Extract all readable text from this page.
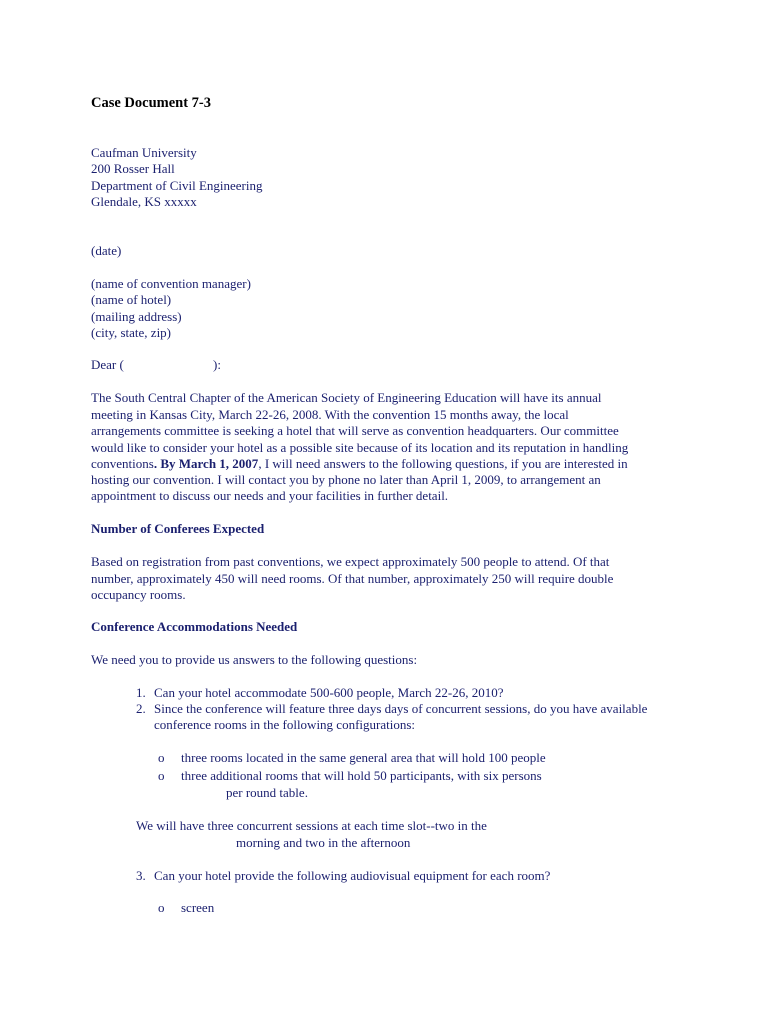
Case Document 7-3
Caufman University
200 Rosser Hall
Department of Civil Engineering
Glendale, KS xxxxx
(date)
(name of convention manager)
(name of hotel)
(mailing address)
(city, state, zip)
Dear (	):
The South Central Chapter of the American Society of Engineering Education will have its annual
meeting in Kansas City, March 22-26, 2008. With the convention 15 months away, the local
arrangements committee is seeking a hotel that will serve as convention headquarters. Our committee
would like to consider your hotel as a possible site because of its location and its reputation in handling
conventions. By March 1, 2007, I will need answers to the following questions, if you are interested in
hosting our convention. I will contact you by phone no later than April 1, 2009, to arrangement an
appointment to discuss our needs and your facilities in further detail.
Number of Conferees Expected
Based on registration from past conventions, we expect approximately 500 people to attend. Of that
number, approximately 450 will need rooms. Of that number, approximately 250 will require double
occupancy rooms.
Conference Accommodations Needed
We need you to provide us answers to the following questions:
1. Can your hotel accommodate 500-600 people, March 22-26, 2010?
2. Since the conference will feature three days days of concurrent sessions, do you have available
conference rooms in the following configurations:
o three rooms located in the same general area that will hold 100 people
o three additional rooms that will hold 50 participants, with six persons
per round table.
We will have three concurrent sessions at each time slot--two in the
morning and two in the afternoon
3. Can your hotel provide the following audiovisual equipment for each room?
o screen
